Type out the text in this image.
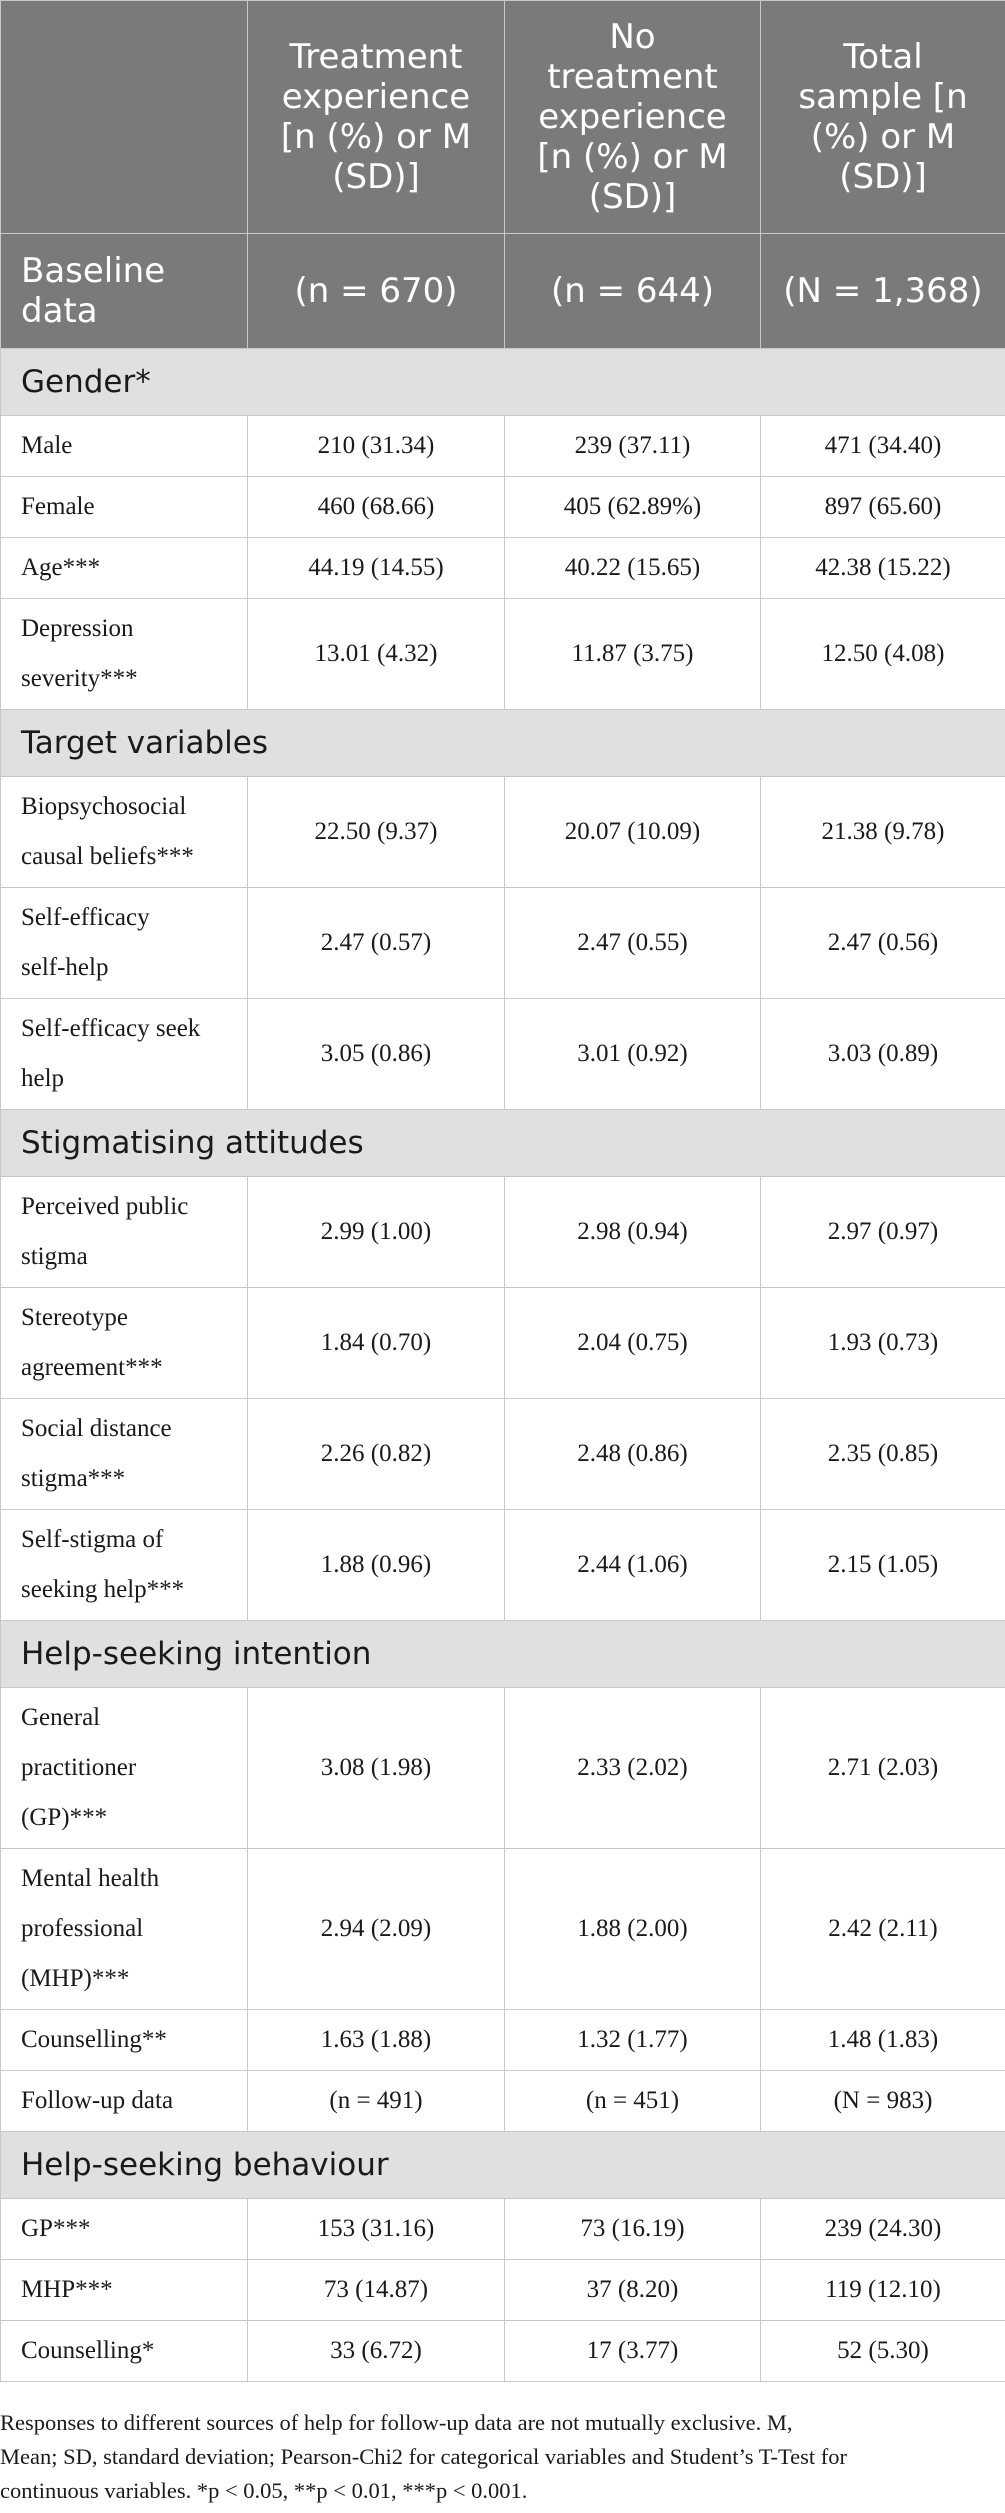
	Treatment
experience
[n (%) or M
(SD)]	No
treatment
experience
[n (%) or M
(SD)]	Total
sample [n
(%) or M
(SD)]
Baseline
data	(n = 670)	(n = 644)	(N = 1,368)
Gender*			
Male	210 (31.34)	239 (37.11)	471 (34.40)
Female	460 (68.66)	405 (62.89%)	897 (65.60)
Age***	44.19 (14.55)	40.22 (15.65)	42.38 (15.22)
Depression
severity***	13.01 (4.32)	11.87 (3.75)	12.50 (4.08)
Target variables			
Biopsychosocial
causal beliefs***	22.50 (9.37)	20.07 (10.09)	21.38 (9.78)
Self-efficacy
self-help	2.47 (0.57)	2.47 (0.55)	2.47 (0.56)
Self-efficacy seek
help	3.05 (0.86)	3.01 (0.92)	3.03 (0.89)
Stigmatising attitudes			
Perceived public
stigma	2.99 (1.00)	2.98 (0.94)	2.97 (0.97)
Stereotype
agreement***	1.84 (0.70)	2.04 (0.75)	1.93 (0.73)
Social distance
stigma***	2.26 (0.82)	2.48 (0.86)	2.35 (0.85)
Self-stigma of
seeking help***	1.88 (0.96)	2.44 (1.06)	2.15 (1.05)
Help-seeking intention			
General
practitioner
(GP)***	3.08 (1.98)	2.33 (2.02)	2.71 (2.03)
Mental health
professional
(MHP)***	2.94 (2.09)	1.88 (2.00)	2.42 (2.11)
Counselling**	1.63 (1.88)	1.32 (1.77)	1.48 (1.83)
Follow-up data	(n = 491)	(n = 451)	(N = 983)
Help-seeking behaviour			
GP***	153 (31.16)	73 (16.19)	239 (24.30)
MHP***	73 (14.87)	37 (8.20)	119 (12.10)
Counselling*	33 (6.72)	17 (3.77)	52 (5.30)
Responses to different sources of help for follow-up data are not mutually exclusive. M,
Mean; SD, standard deviation; Pearson-Chi2 for categorical variables and Student’s T-Test for
continuous variables. *p < 0.05, **p < 0.01, ***p < 0.001.
